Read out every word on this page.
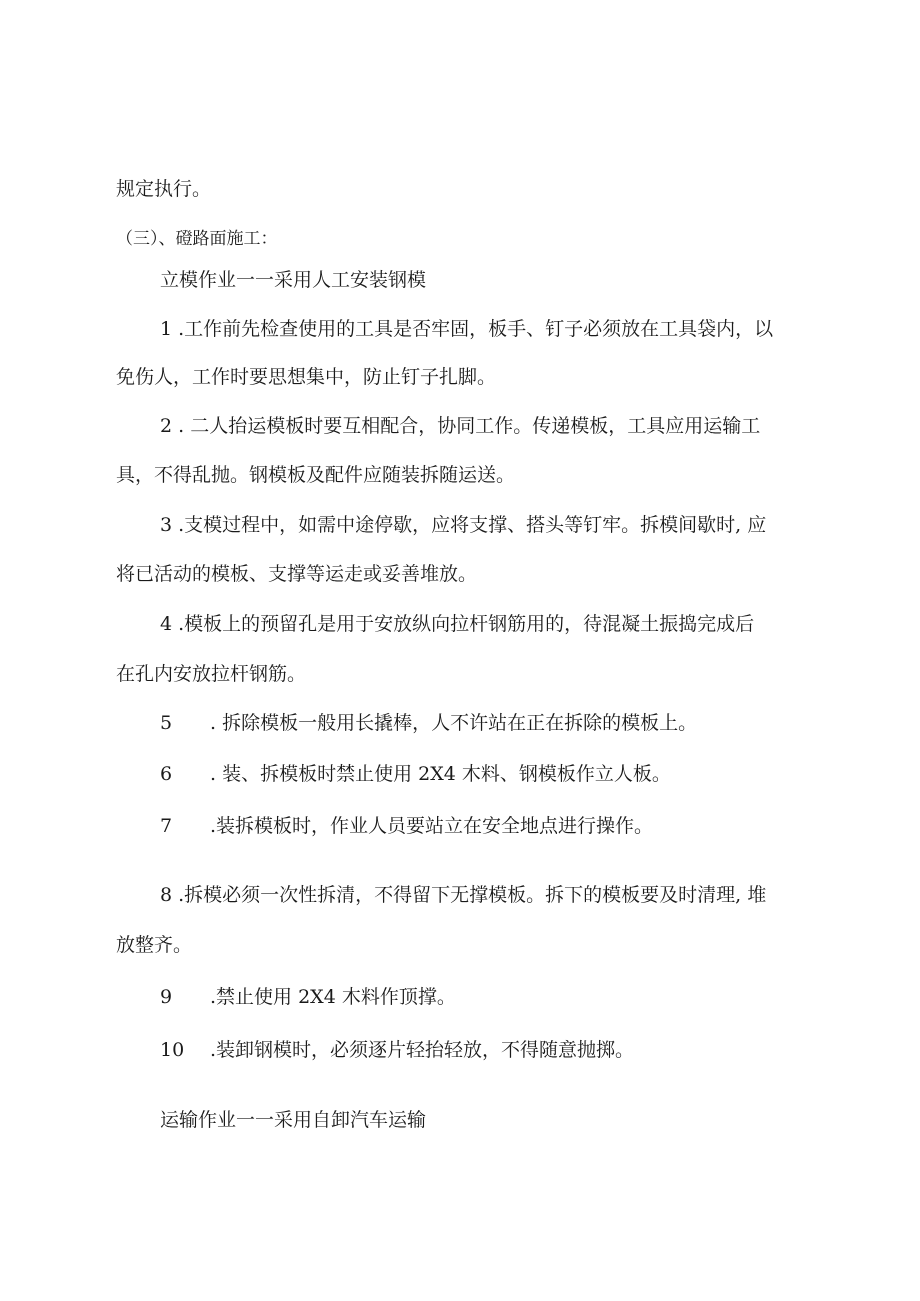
规定执行。
（三）、磴路面施工：
立模作业一一采用人工安装钢模
1 .工作前先检查使用的工具是否牢固，板手、钉子必须放在工具袋内，以
免伤人，工作时要思想集中，防止钉子扎脚。
2 . 二人抬运模板时要互相配合，协同工作。传递模板，工具应用运输工
具，不得乱抛。钢模板及配件应随装拆随运送。
3 .支模过程中，如需中途停歇，应将支撑、搭头等钉牢。拆模间歇时, 应
将已活动的模板、支撑等运走或妥善堆放。
4 .模板上的预留孔是用于安放纵向拉杆钢筋用的，待混凝土振捣完成后
在孔内安放拉杆钢筋。
5 . 拆除模板一般用长撬棒，人不许站在正在拆除的模板上。
6 . 装、拆模板时禁止使用 2X4 木料、钢模板作立人板。
7 .装拆模板时，作业人员要站立在安全地点进行操作。
8 .拆模必须一次性拆清，不得留下无撑模板。拆下的模板要及时清理, 堆
放整齐。
9 .禁止使用 2X4 木料作顶撑。
10 .装卸钢模时，必须逐片轻抬轻放，不得随意抛掷。
运输作业一一采用自卸汽车运输
